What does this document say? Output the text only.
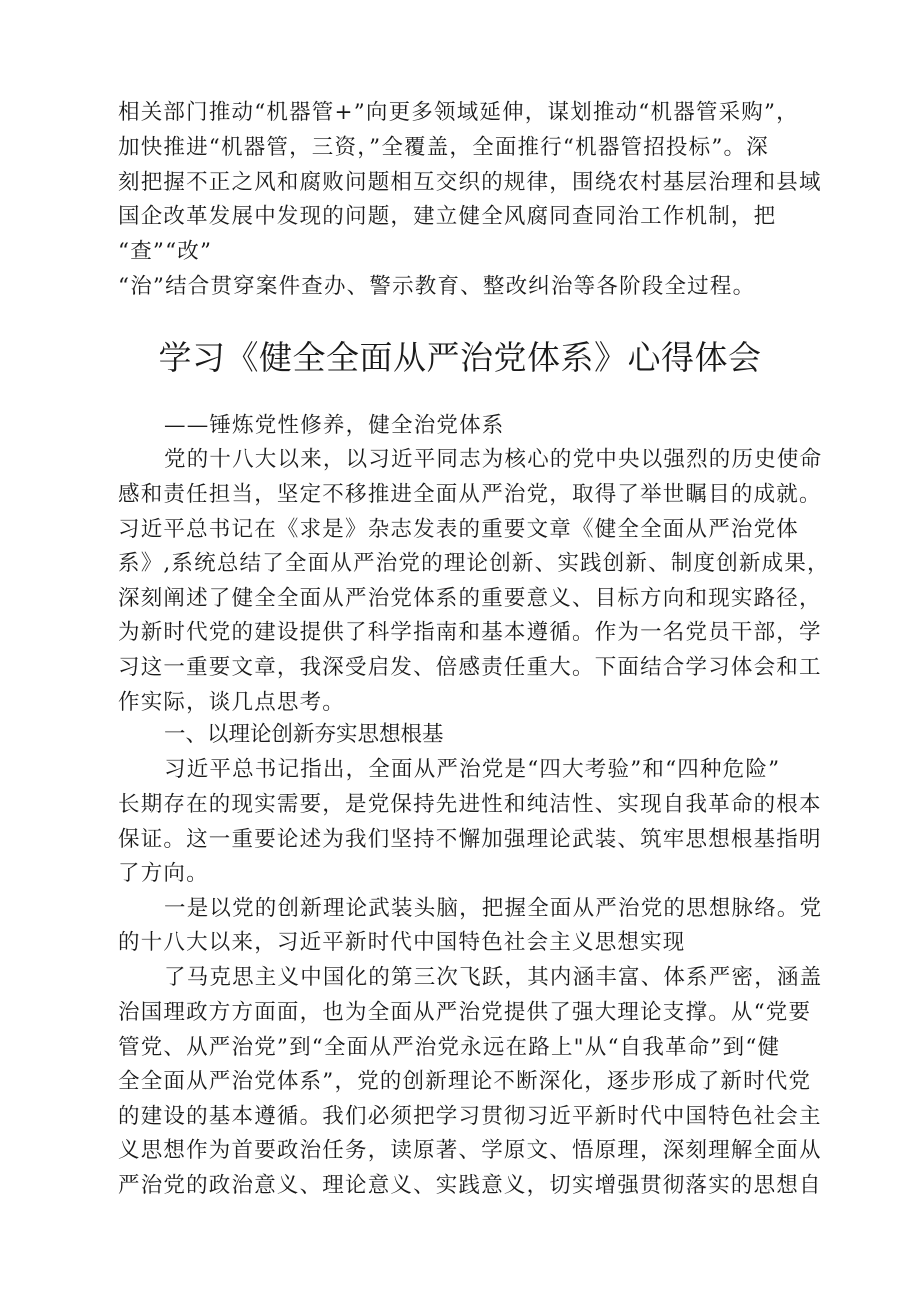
相关部门推动“机器管+”向更多领域延伸，谋划推动“机器管采购”，
加快推进“机器管，三资，”全覆盖，全面推行“机器管招投标”。深
刻把握不正之风和腐败问题相互交织的规律，围绕农村基层治理和县域
国企改革发展中发现的问题，建立健全风腐同查同治工作机制，把
“查”“改”
“治”结合贯穿案件查办、警示教育、整改纠治等各阶段全过程。
学习《健全全面从严治党体系》心得体会
——锤炼党性修养，健全治党体系
党的十八大以来，以习近平同志为核心的党中央以强烈的历史使命
感和责任担当，坚定不移推进全面从严治党，取得了举世瞩目的成就。
习近平总书记在《求是》杂志发表的重要文章《健全全面从严治党体
系》,系统总结了全面从严治党的理论创新、实践创新、制度创新成果，
深刻阐述了健全全面从严治党体系的重要意义、目标方向和现实路径，
为新时代党的建设提供了科学指南和基本遵循。作为一名党员干部，学
习这一重要文章，我深受启发、倍感责任重大。下面结合学习体会和工
作实际，谈几点思考。
一、以理论创新夯实思想根基
习近平总书记指出，全面从严治党是“四大考验”和“四种危险”
长期存在的现实需要，是党保持先进性和纯洁性、实现自我革命的根本
保证。这一重要论述为我们坚持不懈加强理论武装、筑牢思想根基指明
了方向。
一是以党的创新理论武装头脑，把握全面从严治党的思想脉络。党
的十八大以来，习近平新时代中国特色社会主义思想实现
了马克思主义中国化的第三次飞跃，其内涵丰富、体系严密，涵盖
治国理政方方面面，也为全面从严治党提供了强大理论支撑。从“党要
管党、从严治党”到“全面从严治党永远在路上"从“自我革命”到“健
全全面从严治党体系”，党的创新理论不断深化，逐步形成了新时代党
的建设的基本遵循。我们必须把学习贯彻习近平新时代中国特色社会主
义思想作为首要政治任务，读原著、学原文、悟原理，深刻理解全面从
严治党的政治意义、理论意义、实践意义，切实增强贯彻落实的思想自
